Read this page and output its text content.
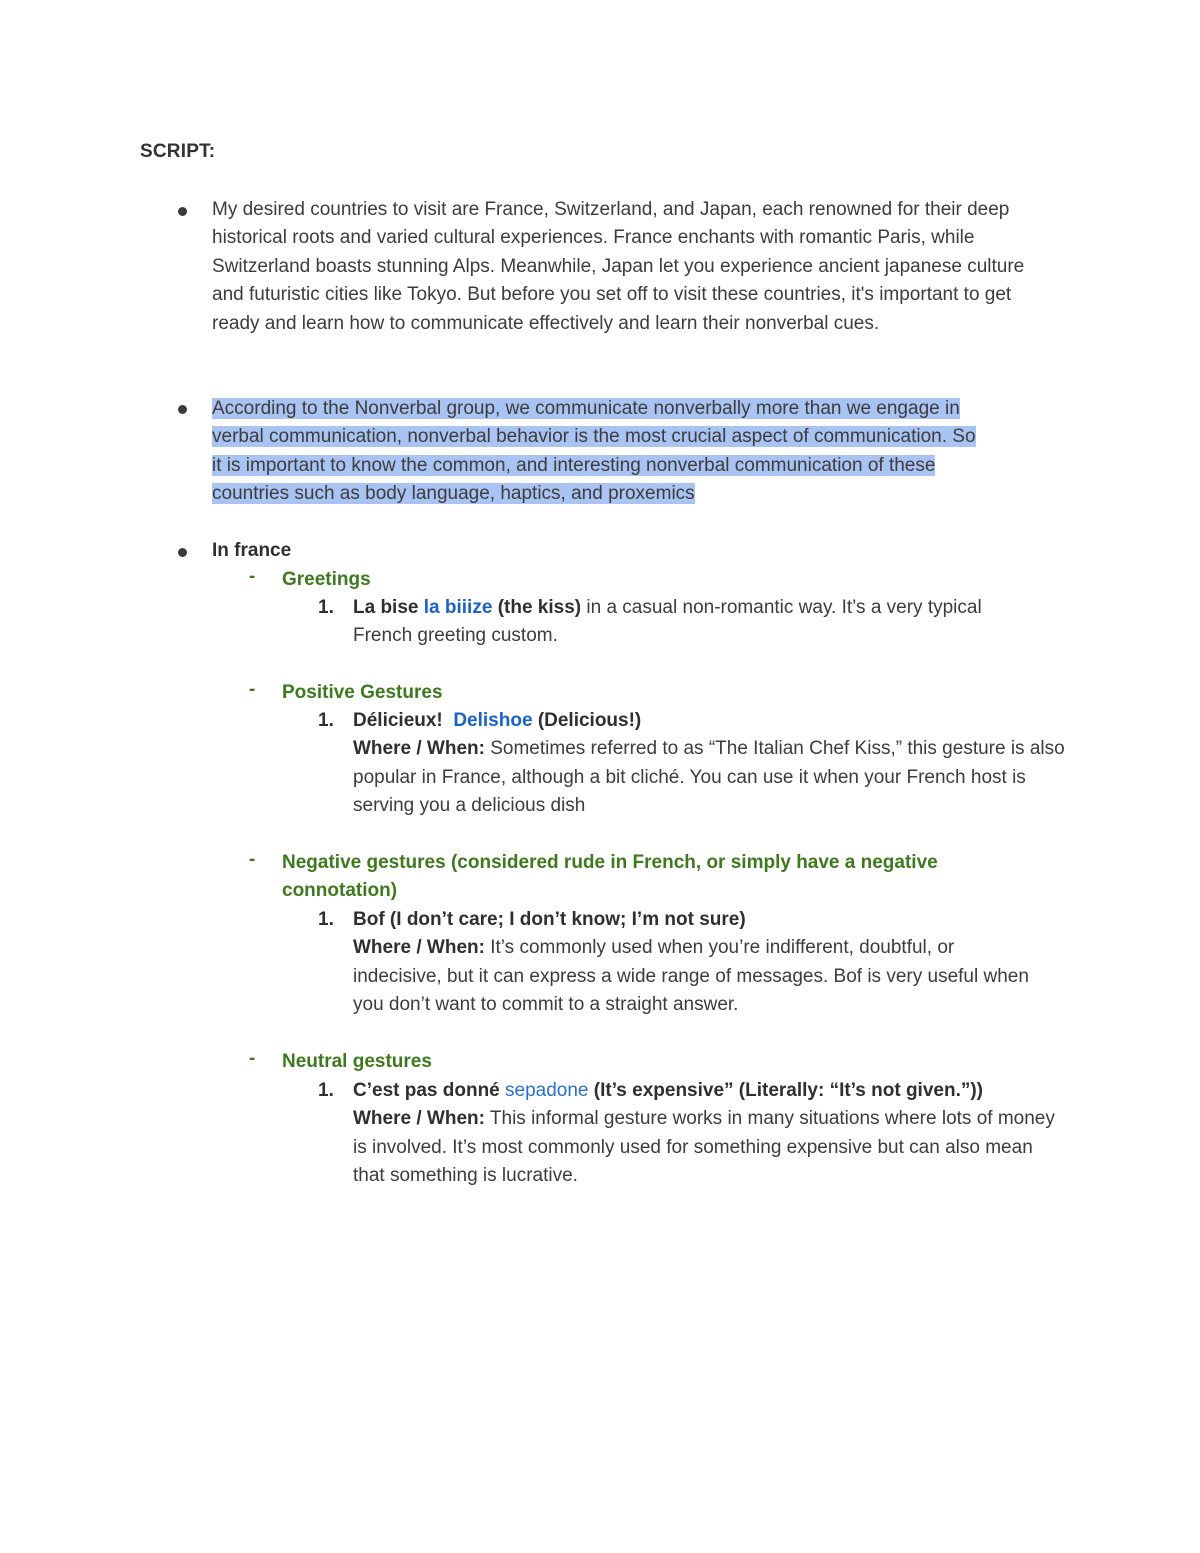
SCRIPT:
My desired countries to visit are France, Switzerland, and Japan, each renowned for their deep historical roots and varied cultural experiences. France enchants with romantic Paris, while Switzerland boasts stunning Alps. Meanwhile, Japan let you experience ancient japanese culture and futuristic cities like Tokyo. But before you set off to visit these countries, it's important to get ready and learn how to communicate effectively and learn their nonverbal cues.
According to the Nonverbal group, we communicate nonverbally more than we engage in
verbal communication, nonverbal behavior is the most crucial aspect of communication. So
it is important to know the common, and interesting nonverbal communication of these
countries such as body language, haptics, and proxemics
In france
- Greetings
1. La bise la biiize (the kiss) in a casual non-romantic way. It’s a very typical French greeting custom.
- Positive Gestures
1. Délicieux! Delishoe (Delicious!)
Where / When: Sometimes referred to as “The Italian Chef Kiss,” this gesture is also popular in France, although a bit cliché. You can use it when your French host is serving you a delicious dish
- Negative gestures (considered rude in French, or simply have a negative connotation)
1. Bof (I don’t care; I don’t know; I’m not sure)
Where / When: It’s commonly used when you’re indifferent, doubtful, or indecisive, but it can express a wide range of messages. Bof is very useful when you don’t want to commit to a straight answer.
- Neutral gestures
1. C’est pas donné sepadone (It’s expensive” (Literally: “It’s not given.”))
Where / When: This informal gesture works in many situations where lots of money is involved. It’s most commonly used for something expensive but can also mean that something is lucrative.
